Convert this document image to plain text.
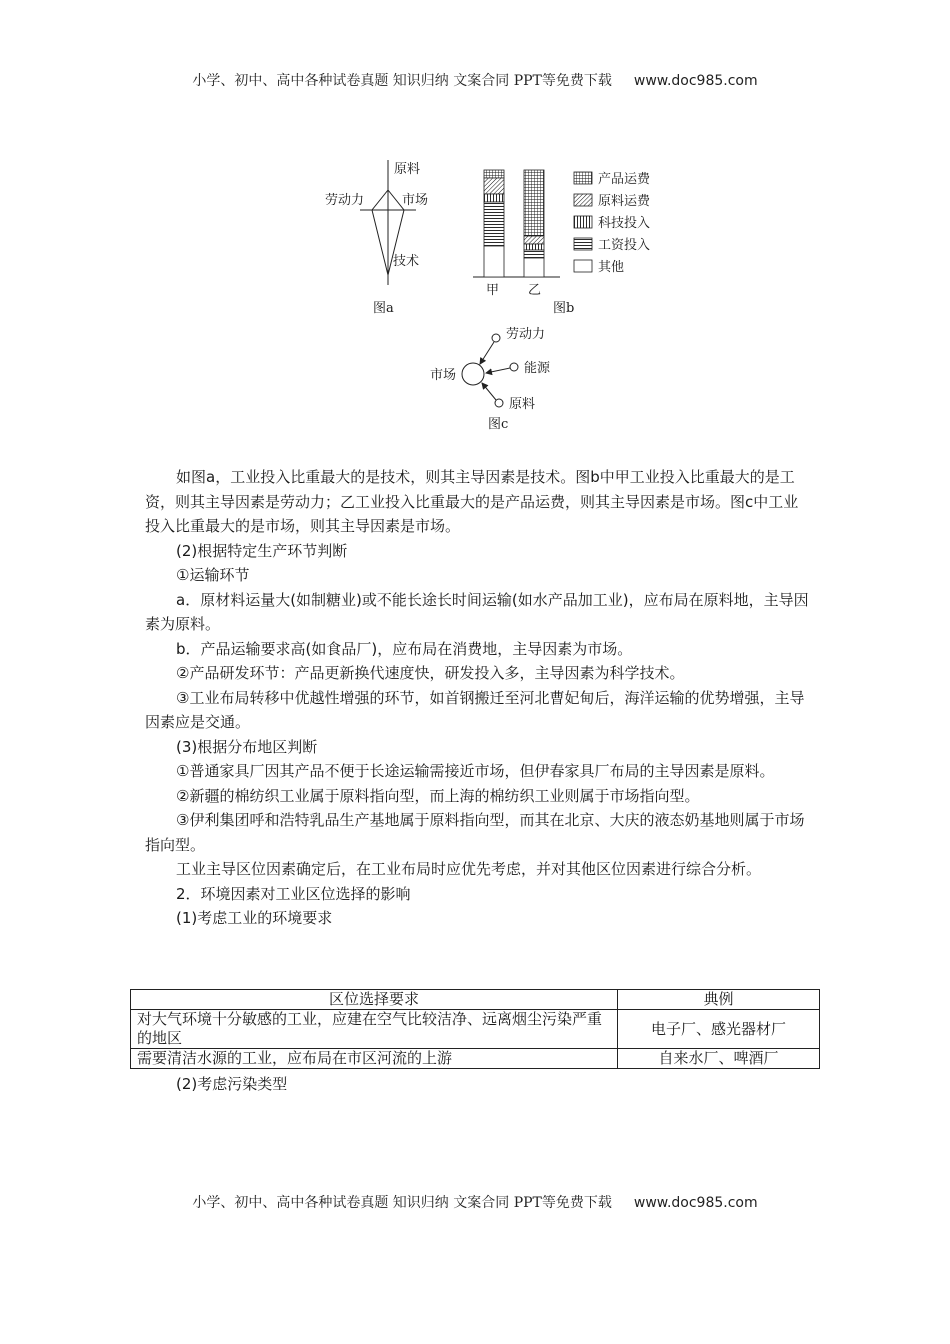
小学、初中、高中各种试卷真题 知识归纳 文案合同 PPT等免费下载 www.doc985.com
原料
劳动力	市场
技术
图a
甲 乙
图b
产品运费
原料运费
科技投入
工资投入
其他
市场
劳动力
能源
原料
图c

如图a，工业投入比重最大的是技术，则其主导因素是技术。图b中甲工业投入比重最大的是工资，则其主导因素是劳动力；乙工业投入比重最大的是产品运费，则其主导因素是市场。图c中工业投入比重最大的是市场，则其主导因素是市场。

(2)根据特定生产环节判断

①运输环节

a．原材料运量大(如制糖业)或不能长途长时间运输(如水产品加工业)，应布局在原料地，主导因素为原料。

b．产品运输要求高(如食品厂)，应布局在消费地，主导因素为市场。

②产品研发环节：产品更新换代速度快，研发投入多，主导因素为科学技术。

③工业布局转移中优越性增强的环节，如首钢搬迁至河北曹妃甸后，海洋运输的优势增强，主导因素应是交通。

(3)根据分布地区判断

①普通家具厂因其产品不便于长途运输需接近市场，但伊春家具厂布局的主导因素是原料。

②新疆的棉纺织工业属于原料指向型，而上海的棉纺织工业则属于市场指向型。

③伊利集团呼和浩特乳品生产基地属于原料指向型，而其在北京、大庆的液态奶基地则属于市场指向型。

工业主导区位因素确定后，在工业布局时应优先考虑，并对其他区位因素进行综合分析。

2．环境因素对工业区位选择的影响

(1)考虑工业的环境要求

区位选择要求	典例
对大气环境十分敏感的工业，应建在空气比较洁净、远离烟尘污染严重的地区	电子厂、感光器材厂
需要清洁水源的工业，应布局在市区河流的上游	自来水厂、啤酒厂
(2)考虑污染类型
小学、初中、高中各种试卷真题 知识归纳 文案合同 PPT等免费下载 www.doc985.com
